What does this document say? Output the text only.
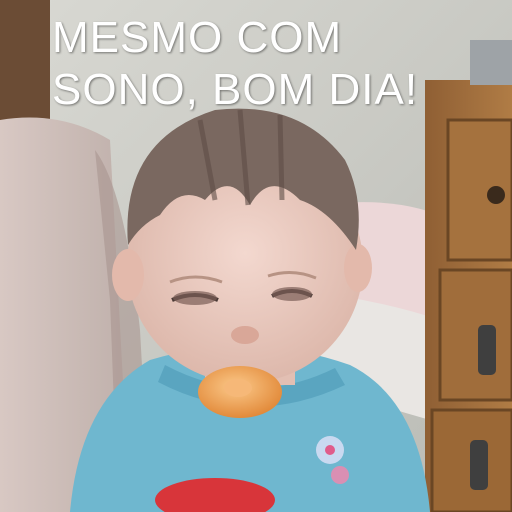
MESMO COM
SONO, BOM DIA!
